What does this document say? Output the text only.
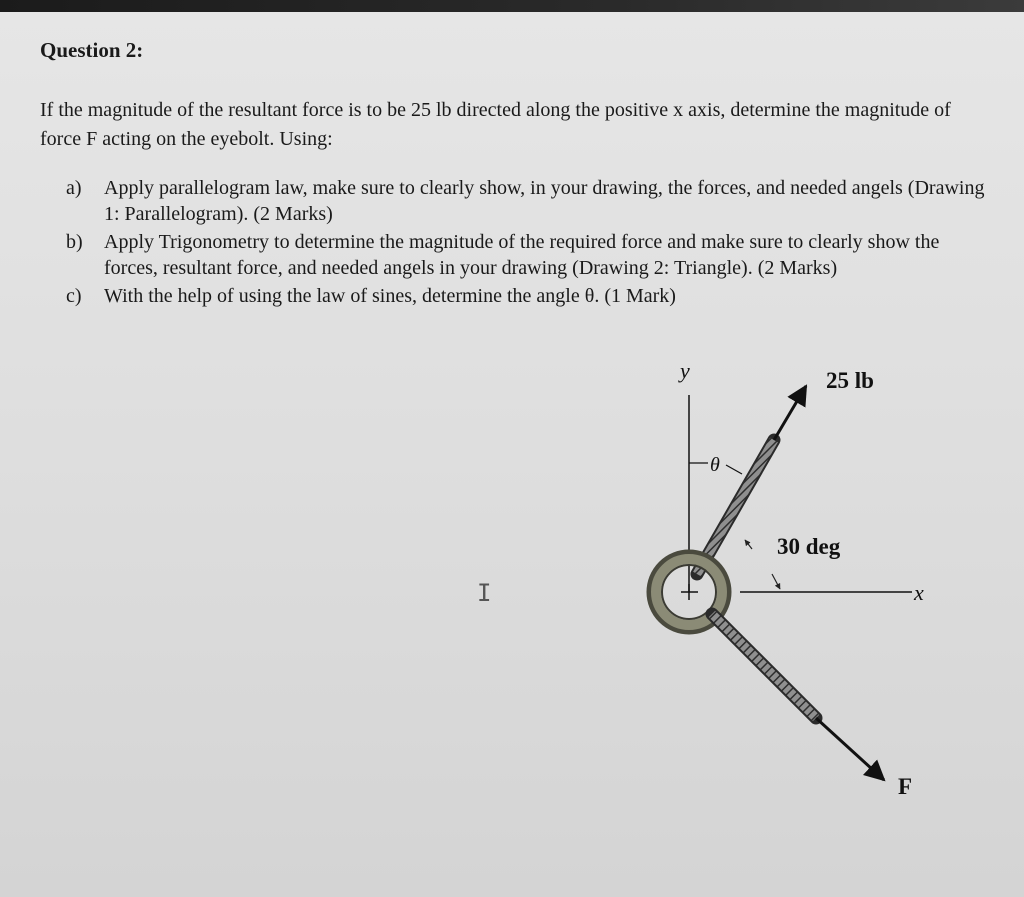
Question 2:
If the magnitude of the resultant force is to be 25 lb directed along the positive x axis, determine the magnitude of force F acting on the eyebolt. Using:
a)	Apply parallelogram law, make sure to clearly show, in your drawing, the forces, and needed angels (Drawing 1: Parallelogram). (2 Marks)
b)	Apply Trigonometry to determine the magnitude of the required force and make sure to clearly show the forces, resultant force, and needed angels in your drawing (Drawing 2: Triangle). (2 Marks)
c)	With the help of using the law of sines, determine the angle θ. (1 Mark)
I
y
x
θ
25 lb
F
30 deg
